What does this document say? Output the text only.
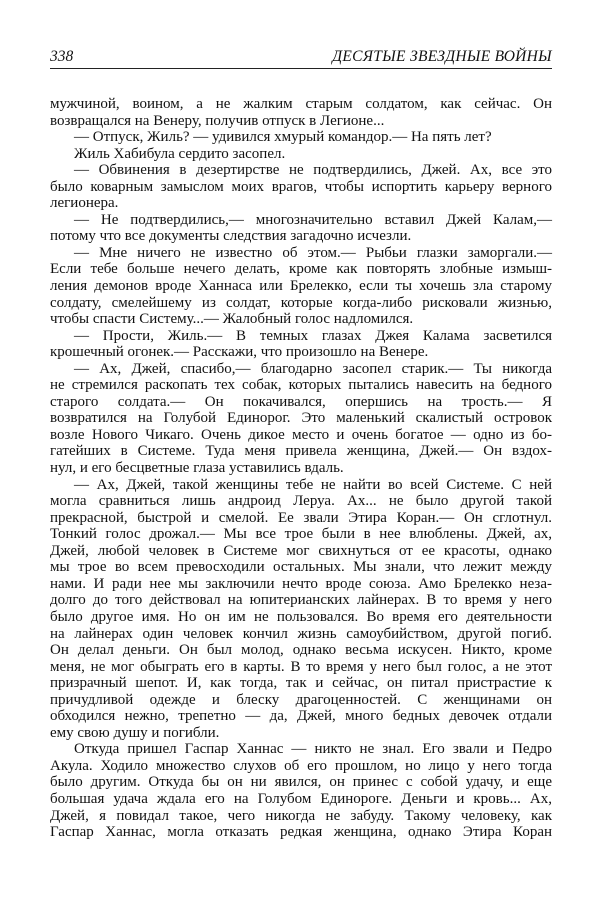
338	ДЕСЯТЫЕ ЗВЕЗДНЫЕ ВОЙНЫ
мужчиной, воином, а не жалким старым солдатом, как сейчас. Он
возвращался на Венеру, получив отпуск в Легионе...
— Отпуск, Жиль? — удивился хмурый командор.— На пять лет?
Жиль Хабибула сердито засопел.
— Обвинения в дезертирстве не подтвердились, Джей. Ах, все это
было коварным замыслом моих врагов, чтобы испортить карьеру верного
легионера.
— Не подтвердились,— многозначительно вставил Джей Калам,—
потому что все документы следствия загадочно исчезли.
— Мне ничего не известно об этом.— Рыбьи глазки заморгали.—
Если тебе больше нечего делать, кроме как повторять злобные измыш-
ления демонов вроде Ханнаса или Брелекко, если ты хочешь зла старому
солдату, смелейшему из солдат, которые когда-либо рисковали жизнью,
чтобы спасти Систему...— Жалобный голос надломился.
— Прости, Жиль.— В темных глазах Джея Калама засветился
крошечный огонек.— Расскажи, что произошло на Венере.
— Ах, Джей, спасибо,— благодарно засопел старик.— Ты никогда
не стремился раскопать тех собак, которых пытались навесить на бедного
старого солдата.— Он покачивался, опершись на трость.— Я
возвратился на Голубой Единорог. Это маленький скалистый островок
возле Нового Чикаго. Очень дикое место и очень богатое — одно из бо-
гатейших в Системе. Туда меня привела женщина, Джей.— Он вздох-
нул, и его бесцветные глаза уставились вдаль.
— Ах, Джей, такой женщины тебе не найти во всей Системе. С ней
могла сравниться лишь андроид Леруа. Ах... не было другой такой
прекрасной, быстрой и смелой. Ее звали Этира Коран.— Он сглотнул.
Тонкий голос дрожал.— Мы все трое были в нее влюблены. Джей, ах,
Джей, любой человек в Системе мог свихнуться от ее красоты, однако
мы трое во всем превосходили остальных. Мы знали, что лежит между
нами. И ради нее мы заключили нечто вроде союза. Амо Брелекко неза-
долго до того действовал на юпитерианских лайнерах. В то время у него
было другое имя. Но он им не пользовался. Во время его деятельности
на лайнерах один человек кончил жизнь самоубийством, другой погиб.
Он делал деньги. Он был молод, однако весьма искусен. Никто, кроме
меня, не мог обыграть его в карты. В то время у него был голос, а не этот
призрачный шепот. И, как тогда, так и сейчас, он питал пристрастие к
причудливой одежде и блеску драгоценностей. С женщинами он
обходился нежно, трепетно — да, Джей, много бедных девочек отдали
ему свою душу и погибли.
Откуда пришел Гаспар Ханнас — никто не знал. Его звали и Педро
Акула. Ходило множество слухов об его прошлом, но лицо у него тогда
было другим. Откуда бы он ни явился, он принес с собой удачу, и еще
большая удача ждала его на Голубом Единороге. Деньги и кровь... Ах,
Джей, я повидал такое, чего никогда не забуду. Такому человеку, как
Гаспар Ханнас, могла отказать редкая женщина, однако Этира Коран
